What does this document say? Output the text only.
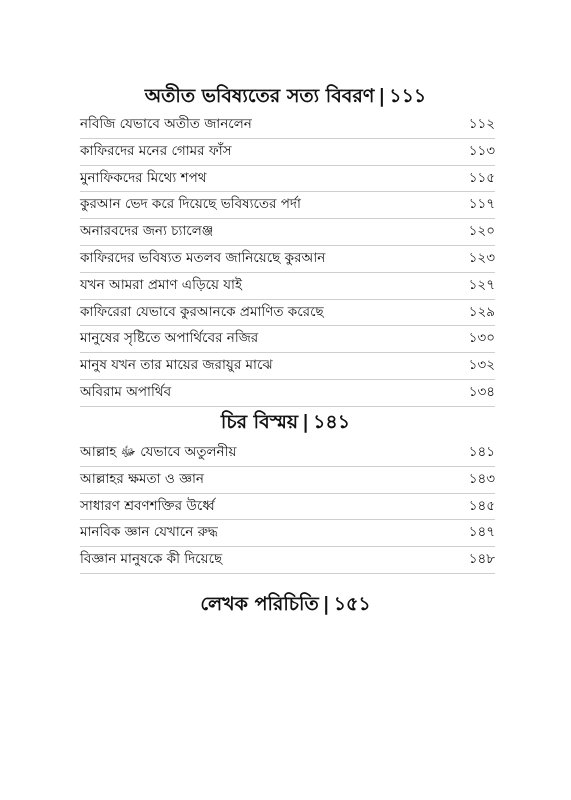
অতীত ভবিষ্যতের সত্য বিবরণ | ১১১
নবিজি যেভাবে অতীত জানলেন	১১২
কাফিরদের মনের গোমর ফাঁস	১১৩
মুনাফিকদের মিথ্যে শপথ	১১৫
কুরআন ভেদ করে দিয়েছে ভবিষ্যতের পর্দা	১১৭
অনারবদের জন্য চ্যালেঞ্জ	১২০
কাফিরদের ভবিষ্যত মতলব জানিয়েছে কুরআন	১২৩
যখন আমরা প্রমাণ এড়িয়ে যাই	১২৭
কাফিরেরা যেভাবে কুরআনকে প্রমাণিত করেছে	১২৯
মানুষের সৃষ্টিতে অপার্থিবের নজির	১৩০
মানুষ যখন তার মায়ের জরায়ুর মাঝে	১৩২
অবিরাম অপার্থিব	১৩৪
চির বিস্ময় | ১৪১
আল্লাহ ﷻ যেভাবে অতুলনীয়	১৪১
আল্লাহর ক্ষমতা ও জ্ঞান	১৪৩
সাধারণ শ্রবণশক্তির উর্ধ্বে	১৪৫
মানবিক জ্ঞান যেখানে রুদ্ধ	১৪৭
বিজ্ঞান মানুষকে কী দিয়েছে	১৪৮
লেখক পরিচিতি | ১৫১
